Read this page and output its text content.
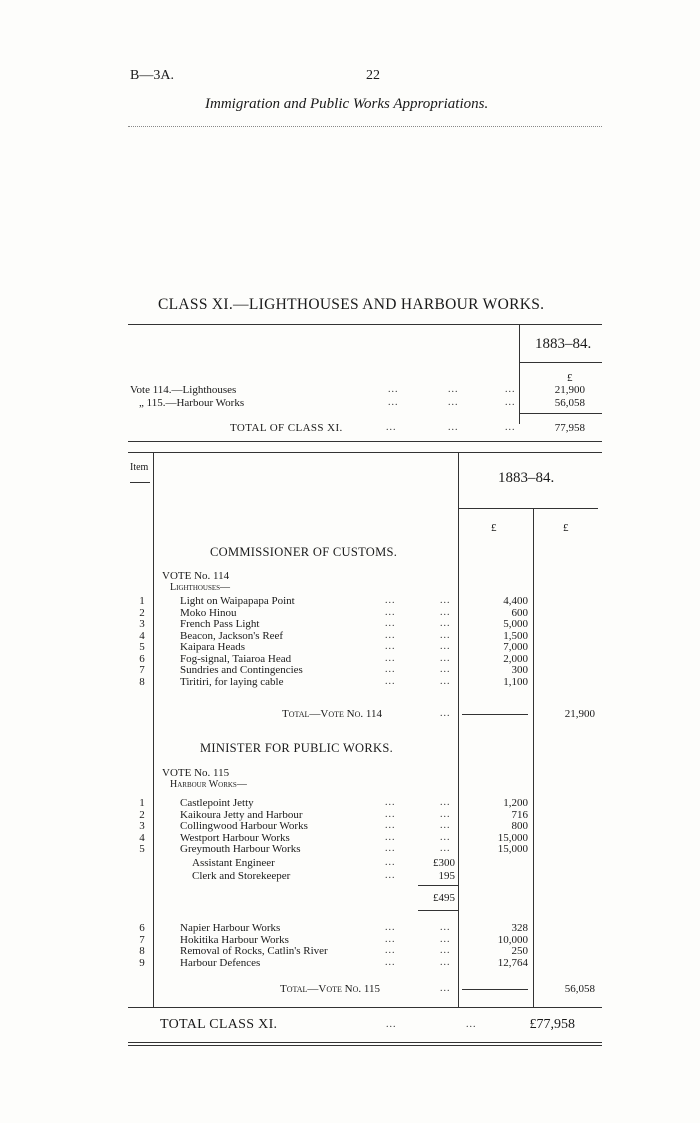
B—3A.	22
Immigration and Public Works Appropriations.
CLASS XI.—LIGHTHOUSES AND HARBOUR WORKS.
1883–84.
£
Vote 114.—Lighthouses	...	...	...	21,900
„ 115.—Harbour Works	...	...	...	56,058
TOTAL OF CLASS XI.	...	...	...	77,958
Item
1883–84.
£	£
COMMISSIONER OF CUSTOMS.
VOTE No. 114
Lighthouses—
1	Light on Waipapapa Point	...	...	4,400
2	Moko Hinou	...	...	600
3	French Pass Light	...	...	5,000
4	Beacon, Jackson's Reef	...	...	1,500
5	Kaipara Heads	...	...	7,000
6	Fog-signal, Taiaroa Head	...	...	2,000
7	Sundries and Contingencies	...	...	300
8	Tiritiri, for laying cable	...	...	1,100
Total—Vote No. 114	...	21,900
MINISTER FOR PUBLIC WORKS.
VOTE No. 115
Harbour Works—
1	Castlepoint Jetty	...	...	1,200
2	Kaikoura Jetty and Harbour	...	...	716
3	Collingwood Harbour Works	...	...	800
4	Westport Harbour Works	...	...	15,000
5	Greymouth Harbour Works	...	...	15,000
Assistant Engineer	...	£300
Clerk and Storekeeper	...	195
£495
6	Napier Harbour Works	...	...	328
7	Hokitika Harbour Works	...	...	10,000
8	Removal of Rocks, Catlin's River	...	...	250
9	Harbour Defences	...	...	12,764
Total—Vote No. 115	...	56,058
TOTAL CLASS XI.	...	...	£77,958
